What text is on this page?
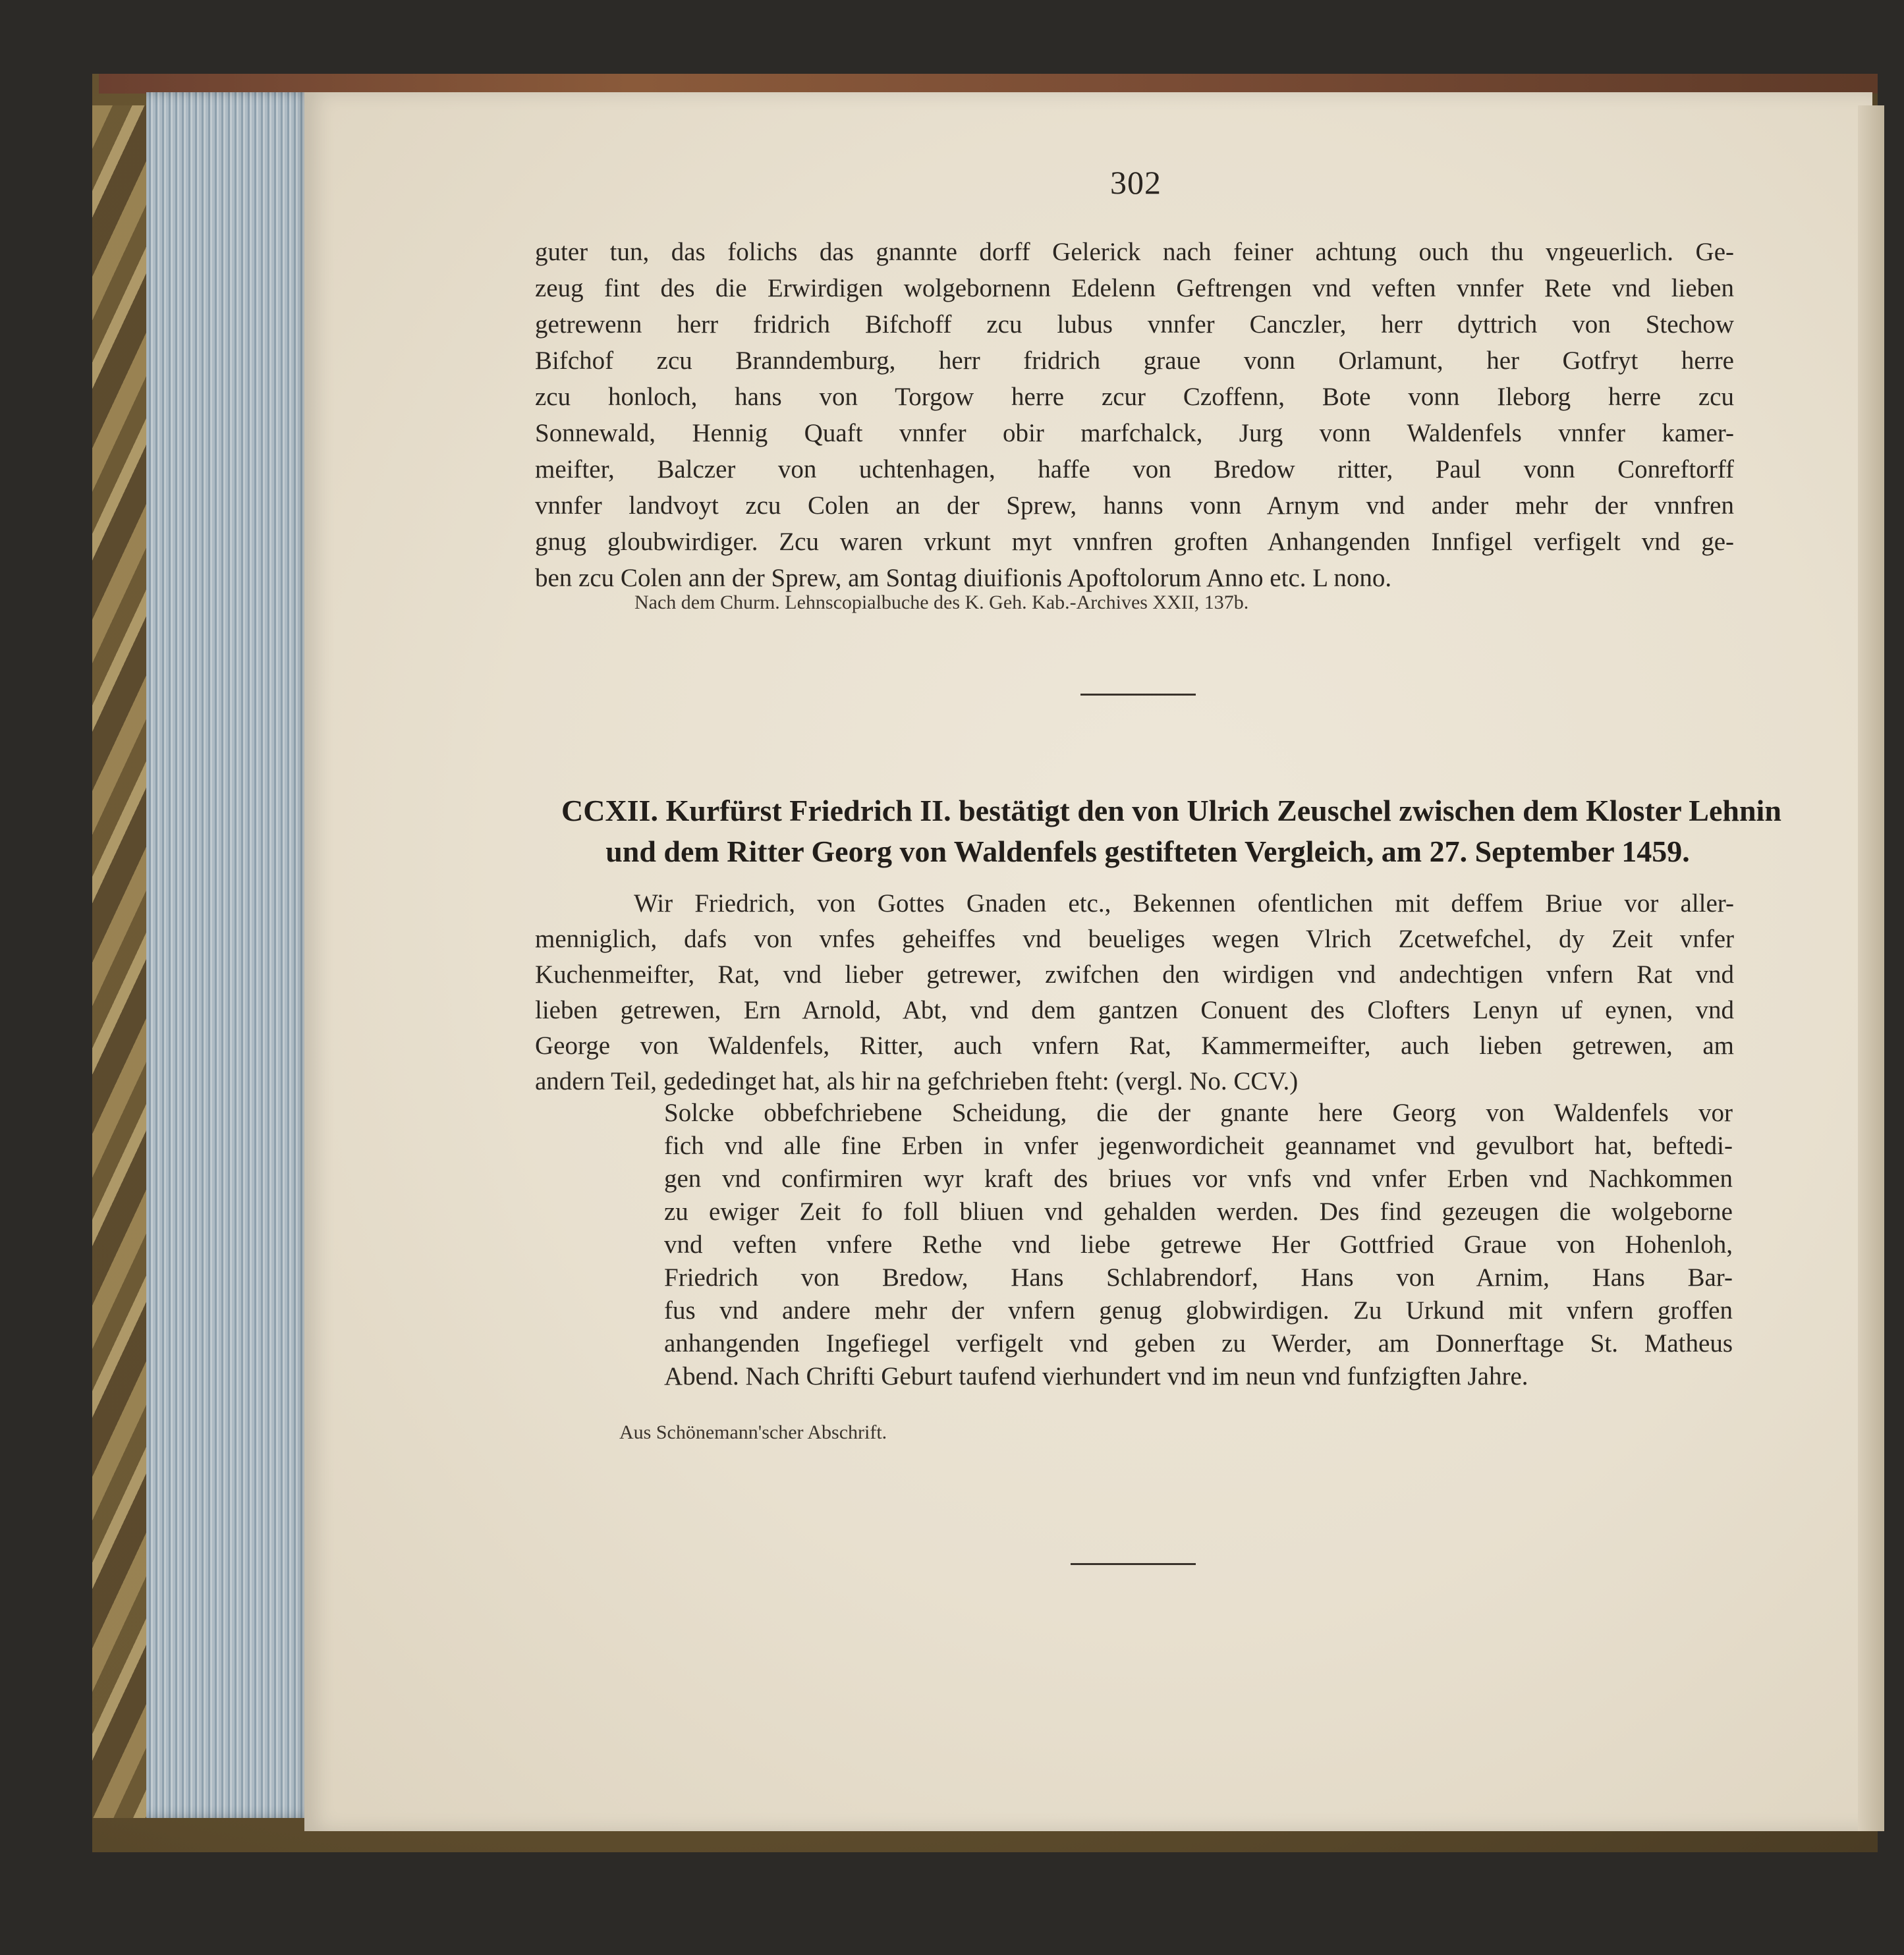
302
guter tun, das folichs das gnannte dorff Gelerick nach feiner achtung ouch thu vngeuerlich. Ge-
zeug fint des die Erwirdigen wolgebornenn Edelenn Geftrengen vnd veften vnnfer Rete vnd lieben
getrewenn herr fridrich Bifchoff zcu lubus vnnfer Canczler, herr dyttrich von Stechow
Bifchof zcu Branndemburg, herr fridrich graue vonn Orlamunt, her Gotfryt herre
zcu honloch, hans von Torgow herre zcur Czoffenn, Bote vonn Ileborg herre zcu
Sonnewald, Hennig Quaft vnnfer obir marfchalck, Jurg vonn Waldenfels vnnfer kamer-
meifter, Balczer von uchtenhagen, haffe von Bredow ritter, Paul vonn Conreftorff
vnnfer landvoyt zcu Colen an der Sprew, hanns vonn Arnym vnd ander mehr der vnnfren
gnug gloubwirdiger. Zcu waren vrkunt myt vnnfren groften Anhangenden Innfigel verfigelt vnd ge-
ben zcu Colen ann der Sprew, am Sontag diuifionis Apoftolorum Anno etc. L nono.
Nach dem Churm. Lehnscopialbuche des K. Geh. Kab.-Archives XXII, 137b.
CCXII. Kurfürst Friedrich II. bestätigt den von Ulrich Zeuschel zwischen dem Kloster Lehnin
und dem Ritter Georg von Waldenfels gestifteten Vergleich, am 27. September 1459.
Wir Friedrich, von Gottes Gnaden etc., Bekennen ofentlichen mit deffem Briue vor aller-
menniglich, dafs von vnfes geheiffes vnd beueliges wegen Vlrich Zcetwefchel, dy Zeit vnfer
Kuchenmeifter, Rat, vnd lieber getrewer, zwifchen den wirdigen vnd andechtigen vnfern Rat vnd
lieben getrewen, Ern Arnold, Abt, vnd dem gantzen Conuent des Clofters Lenyn uf eynen, vnd
George von Waldenfels, Ritter, auch vnfern Rat, Kammermeifter, auch lieben getrewen, am
andern Teil, gededinget hat, als hir na gefchrieben fteht: (vergl. No. CCV.)
Solcke obbefchriebene Scheidung, die der gnante here Georg von Waldenfels vor
fich vnd alle fine Erben in vnfer jegenwordicheit geannamet vnd gevulbort hat, beftedi-
gen vnd confirmiren wyr kraft des briues vor vnfs vnd vnfer Erben vnd Nachkommen
zu ewiger Zeit fo foll bliuen vnd gehalden werden. Des find gezeugen die wolgeborne
vnd veften vnfere Rethe vnd liebe getrewe Her Gottfried Graue von Hohenloh,
Friedrich von Bredow, Hans Schlabrendorf, Hans von Arnim, Hans Bar-
fus vnd andere mehr der vnfern genug globwirdigen. Zu Urkund mit vnfern groffen
anhangenden Ingefiegel verfigelt vnd geben zu Werder, am Donnerftage St. Matheus
Abend. Nach Chrifti Geburt taufend vierhundert vnd im neun vnd funfzigften Jahre.
Aus Schönemann'scher Abschrift.
